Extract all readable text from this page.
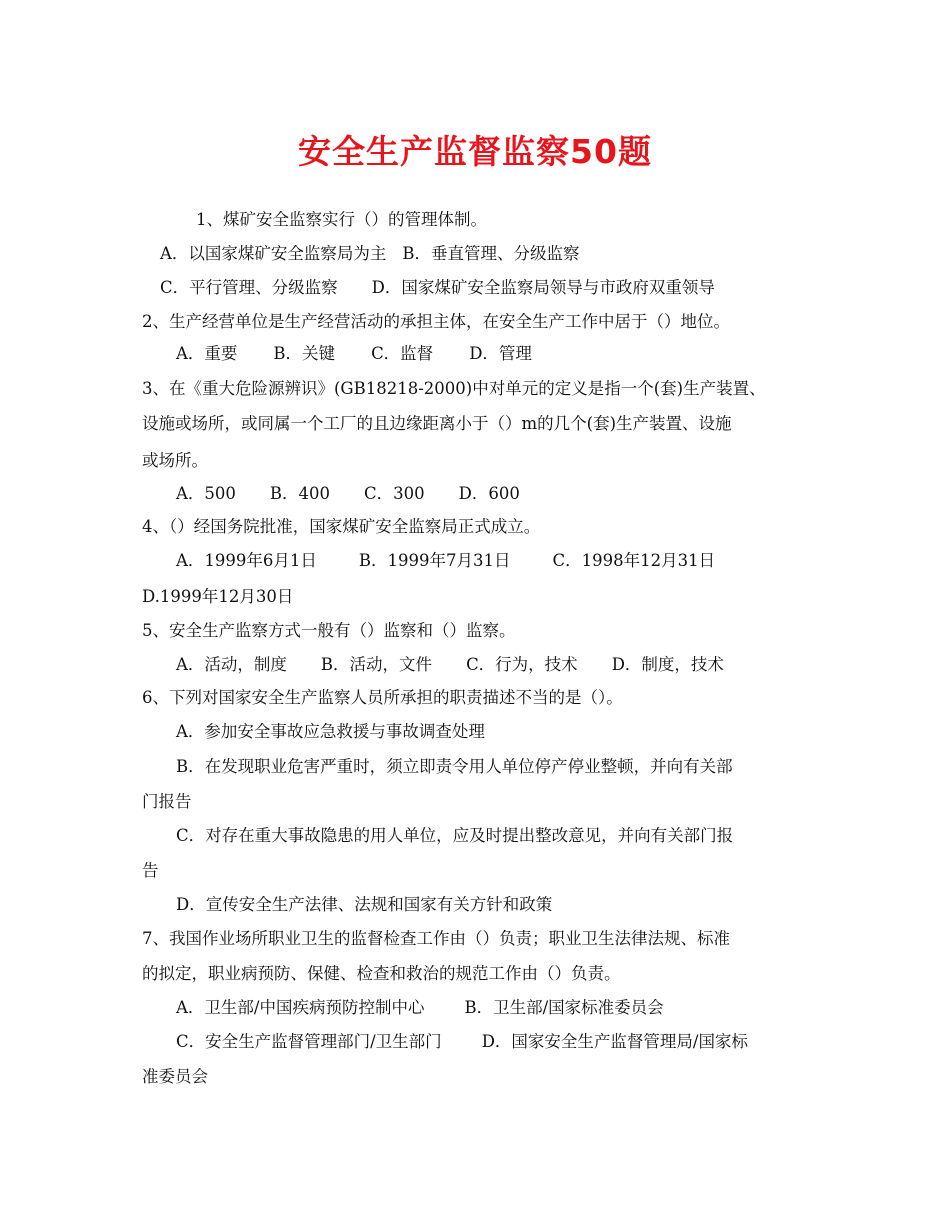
安全生产监督监察50题
1、煤矿安全监察实行（）的管理体制。
A．以国家煤矿安全监察局为主 B．垂直管理、分级监察
C．平行管理、分级监察 D．国家煤矿安全监察局领导与市政府双重领导
2、生产经营单位是生产经营活动的承担主体，在安全生产工作中居于（）地位。
A．重要 B．关键 C．监督 D．管理
3、在《重大危险源辨识》(GB18218-2000)中对单元的定义是指一个(套)生产装置、
设施或场所，或同属一个工厂的且边缘距离小于（）m的几个(套)生产装置、设施
或场所。
A．500 B．400 C．300 D．600
4、（）经国务院批准，国家煤矿安全监察局正式成立。
A．1999年6月1日	B．1999年7月31日	C．1998年12月31日
D.1999年12月30日
5、安全生产监察方式一般有（）监察和（）监察。
A．活动，制度 B．活动，文件 C．行为，技术 D．制度，技术
6、下列对国家安全生产监察人员所承担的职责描述不当的是（）。
A．参加安全事故应急救援与事故调查处理
B．在发现职业危害严重时，须立即责令用人单位停产停业整顿，并向有关部
门报告
C．对存在重大事故隐患的用人单位，应及时提出整改意见，并向有关部门报
告
D．宣传安全生产法律、法规和国家有关方针和政策
7、我国作业场所职业卫生的监督检查工作由（）负责；职业卫生法律法规、标准
的拟定，职业病预防、保健、检查和救治的规范工作由（）负责。
A．卫生部/中国疾病预防控制中心 B．卫生部/国家标准委员会
C．安全生产监督管理部门/卫生部门 D．国家安全生产监督管理局/国家标
准委员会
